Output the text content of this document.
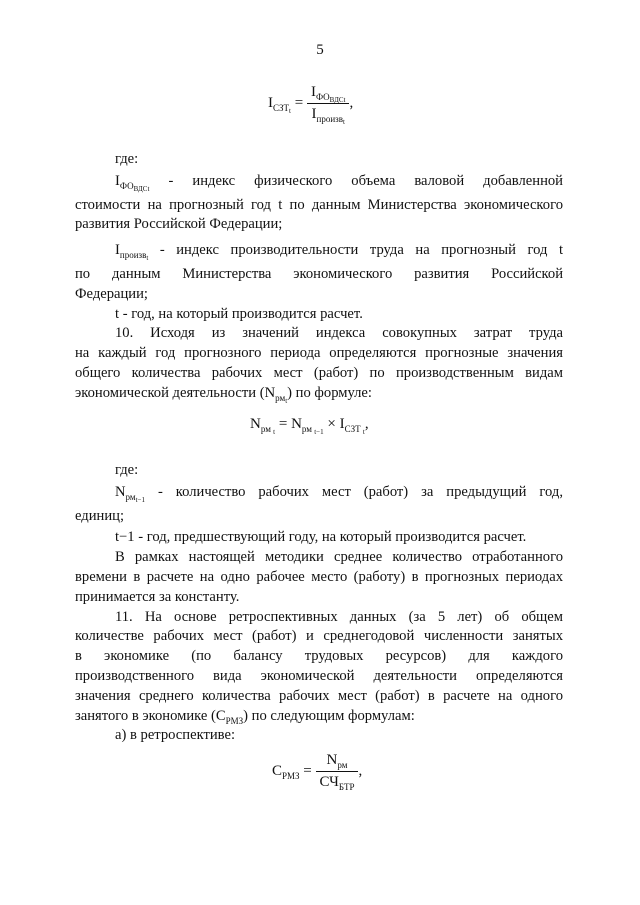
5
$I_{СЗТ_t} = \frac{I_{ФО_{ВДСt}}}{I_{произв_t}}$ ,
где:
$I_{ФО_{ВДСt}}$ - индекс физического объема валовой добавленной
стоимости на прогнозный год t по данным Министерства экономического
развития Российской Федерации;
$I_{произв_t}$ - индекс производительности труда на прогнозный год t
по данным Министерства экономического развития Российской
Федерации;
t - год, на который производится расчет.
10. Исходя из значений индекса совокупных затрат труда
на каждый год прогнозного периода определяются прогнозные значения
общего количества рабочих мест (работ) по производственным видам
экономической деятельности $(N_{рм_t})$ по формуле:
$N_{рм _t} = N_{рм _{t-1}} \times I_{СЗТ _t}$,
где:
$N_{рм_{t-1}}$ - количество рабочих мест (работ) за предыдущий год,
единиц;
t−1 - год, предшествующий году, на который производится расчет.
В рамках настоящей методики среднее количество отработанного
времени в расчете на одно рабочее место (работу) в прогнозных периодах
принимается за константу.
11. На основе ретроспективных данных (за 5 лет) об общем
количестве рабочих мест (работ) и среднегодовой численности занятых
в экономике (по балансу трудовых ресурсов) для каждого
производственного вида экономической деятельности определяются
значения среднего количества рабочих мест (работ) в расчете на одного
занятого в экономике $(С_{РМЗ})$ по следующим формулам:
а) в ретроспективе:
$С_{РМЗ} = \frac{N_{рм}}{СЧ_{БТР}}$ ,
